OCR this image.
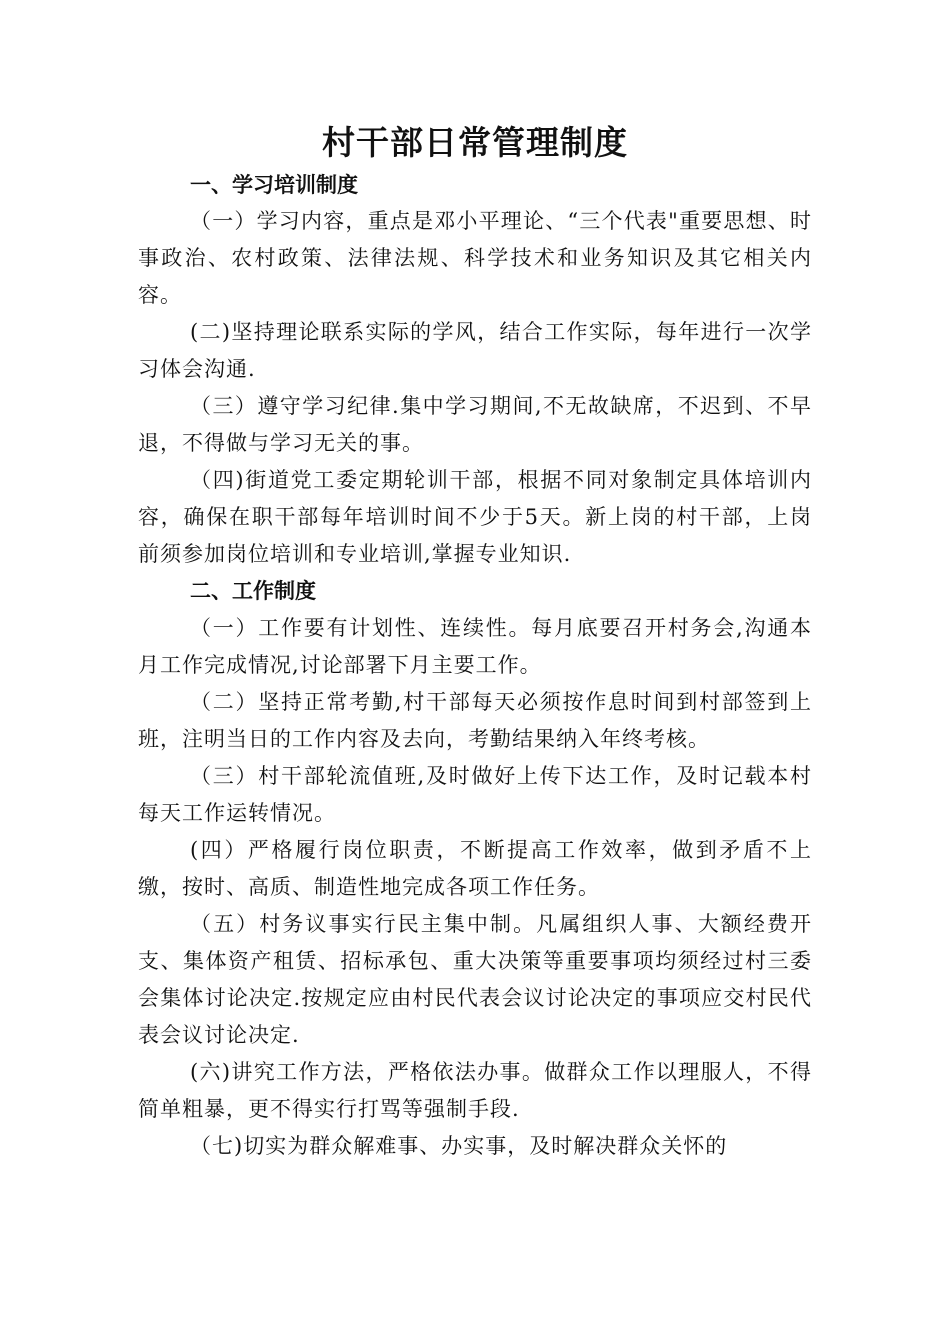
村干部日常管理制度

一、学习培训制度

（一）学习内容，重点是邓小平理论、“三个代表"重要思想、时事政治、农村政策、法律法规、科学技术和业务知识及其它相关内容。

(二)坚持理论联系实际的学风，结合工作实际，每年进行一次学习体会沟通.

（三）遵守学习纪律.集中学习期间,不无故缺席，不迟到、不早退，不得做与学习无关的事。

（四)街道党工委定期轮训干部，根据不同对象制定具体培训内容，确保在职干部每年培训时间不少于5天。新上岗的村干部，上岗前须参加岗位培训和专业培训,掌握专业知识.

二、工作制度

（一）工作要有计划性、连续性。每月底要召开村务会,沟通本月工作完成情况,讨论部署下月主要工作。

（二）坚持正常考勤,村干部每天必须按作息时间到村部签到上班，注明当日的工作内容及去向，考勤结果纳入年终考核。

（三）村干部轮流值班,及时做好上传下达工作，及时记载本村每天工作运转情况。

(四）严格履行岗位职责，不断提高工作效率，做到矛盾不上缴，按时、高质、制造性地完成各项工作任务。

（五）村务议事实行民主集中制。凡属组织人事、大额经费开支、集体资产租赁、招标承包、重大决策等重要事项均须经过村三委会集体讨论决定.按规定应由村民代表会议讨论决定的事项应交村民代表会议讨论决定.

(六)讲究工作方法，严格依法办事。做群众工作以理服人，不得简单粗暴，更不得实行打骂等强制手段.

（七)切实为群众解难事、办实事，及时解决群众关怀的
